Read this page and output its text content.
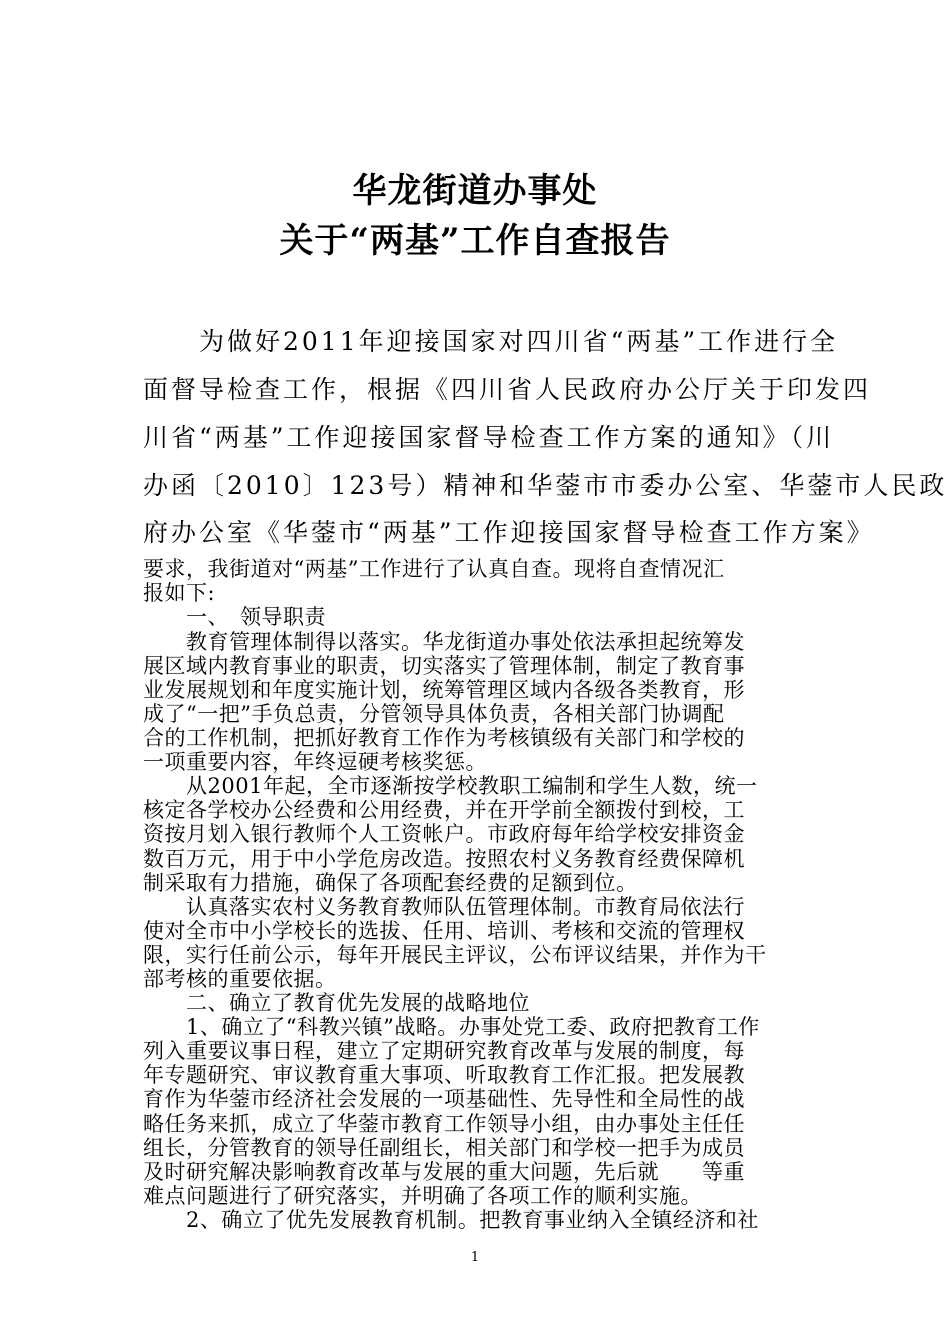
华龙街道办事处
关于“两基”工作自查报告
　　为做好2011年迎接国家对四川省“两基”工作进行全
面督导检查工作，根据《四川省人民政府办公厅关于印发四
川省“两基”工作迎接国家督导检查工作方案的通知》（川
办函〔2010〕123号）精神和华蓥市市委办公室、华蓥市人民政
府办公室《华蓥市“两基”工作迎接国家督导检查工作方案》
要求，我街道对“两基”工作进行了认真自查。现将自查情况汇
报如下:
　　一、　领导职责
　　教育管理体制得以落实。华龙街道办事处依法承担起统筹发
展区域内教育事业的职责，切实落实了管理体制，制定了教育事
业发展规划和年度实施计划，统筹管理区域内各级各类教育，形
成了“一把”手负总责，分管领导具体负责，各相关部门协调配
合的工作机制，把抓好教育工作作为考核镇级有关部门和学校的
一项重要内容，年终逗硬考核奖惩。
　　从2001年起，全市逐渐按学校教职工编制和学生人数，统一
核定各学校办公经费和公用经费，并在开学前全额拨付到校，工
资按月划入银行教师个人工资帐户。市政府每年给学校安排资金
数百万元，用于中小学危房改造。按照农村义务教育经费保障机
制采取有力措施，确保了各项配套经费的足额到位。
　　认真落实农村义务教育教师队伍管理体制。市教育局依法行
使对全市中小学校长的选拔、任用、培训、考核和交流的管理权
限，实行任前公示，每年开展民主评议，公布评议结果，并作为干
部考核的重要依据。
　　二、确立了教育优先发展的战略地位
　　1、确立了“科教兴镇”战略。办事处党工委、政府把教育工作
列入重要议事日程，建立了定期研究教育改革与发展的制度，每
年专题研究、审议教育重大事项、听取教育工作汇报。把发展教
育作为华蓥市经济社会发展的一项基础性、先导性和全局性的战
略任务来抓，成立了华蓥市教育工作领导小组，由办事处主任任
组长，分管教育的领导任副组长，相关部门和学校一把手为成员
及时研究解决影响教育改革与发展的重大问题，先后就　　等重
难点问题进行了研究落实，并明确了各项工作的顺利实施。
　　2、确立了优先发展教育机制。把教育事业纳入全镇经济和社
1
